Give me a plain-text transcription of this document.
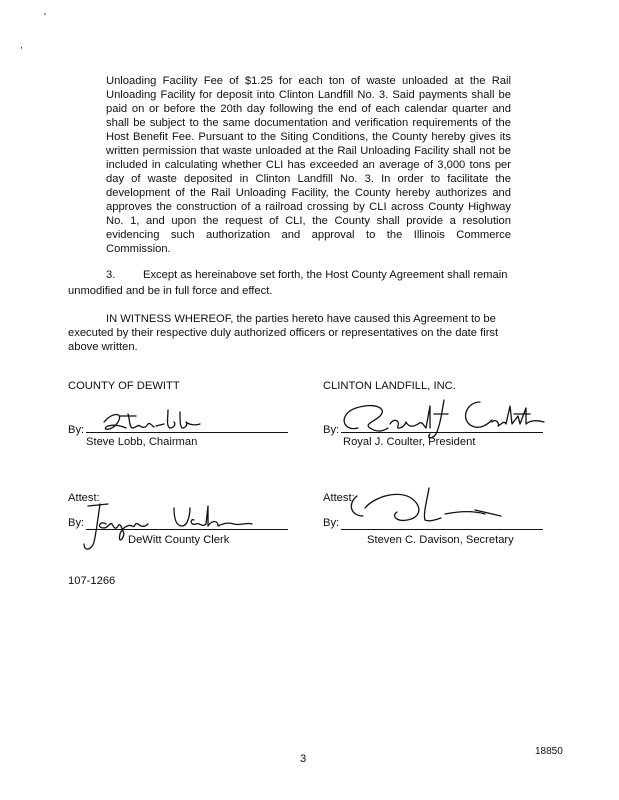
'
,

Unloading Facility Fee of $1.25 for each ton of waste unloaded at the Rail Unloading Facility for deposit into Clinton Landfill No. 3. Said payments shall be paid on or before the 20th day following the end of each calendar quarter and shall be subject to the same documentation and verification requirements of the Host Benefit Fee. Pursuant to the Siting Conditions, the County hereby gives its written permission that waste unloaded at the Rail Unloading Facility shall not be included in calculating whether CLI has exceeded an average of 3,000 tons per day of waste deposited in Clinton Landfill No. 3. In order to facilitate the development of the Rail Unloading Facility, the County hereby authorizes and approves the construction of a railroad crossing by CLI across County Highway No. 1, and upon the request of CLI, the County shall provide a resolution evidencing such authorization and approval to the Illinois Commerce Commission.

3. Except as hereinabove set forth, the Host County Agreement shall remain
unmodified and be in full force and effect.
IN WITNESS WHEREOF, the parties hereto have caused this Agreement to be
executed by their respective duly authorized officers or representatives on the date first
above written.
COUNTY OF DEWITT
By:
Steve Lobb, Chairman
Attest:
By:
DeWitt County Clerk
CLINTON LANDFILL, INC.
By:
Royal J. Coulter, President
Attest:
By:
Steven C. Davison, Secretary
107-1266
3
18850
